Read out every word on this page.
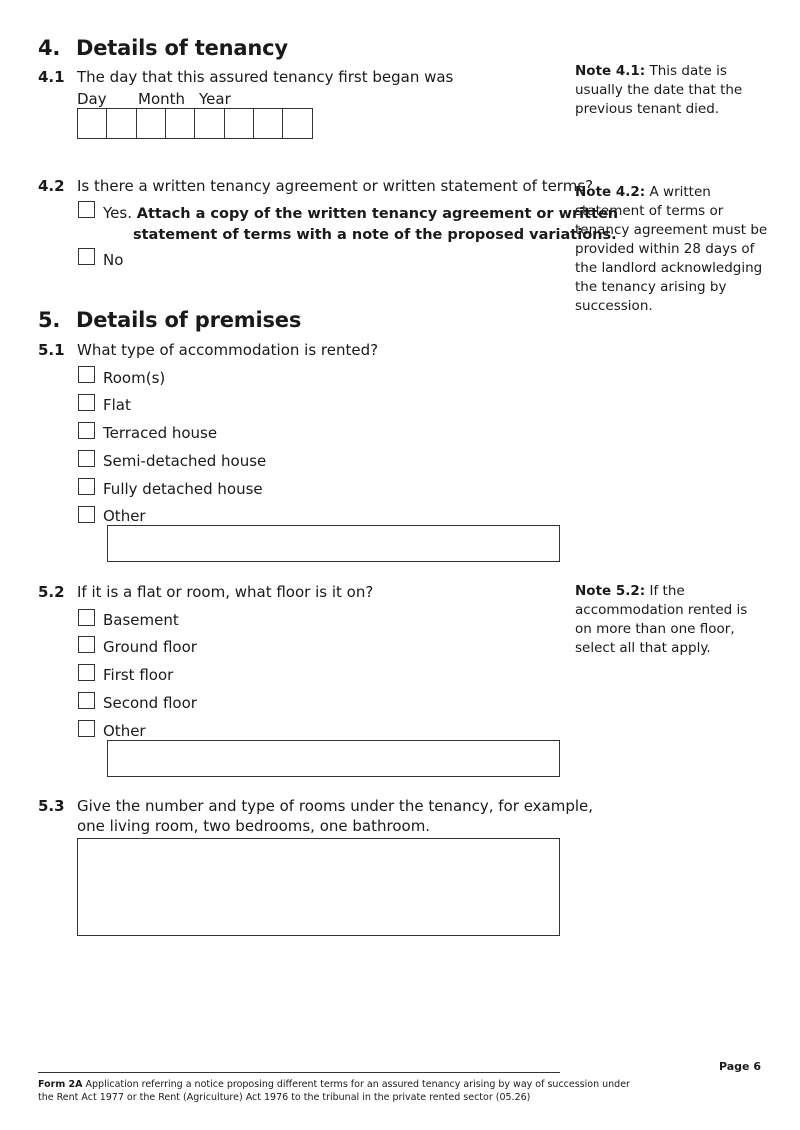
4. Details of tenancy
4.1 The day that this assured tenancy first began was
Day Month Year
Note 4.1: This date is
usually the date that the
previous tenant died.
4.2 Is there a written tenancy agreement or written statement of terms?
Yes. Attach a copy of the written tenancy agreement or written
statement of terms with a note of the proposed variations.
No
Note 4.2: A written
statement of terms or
tenancy agreement must be
provided within 28 days of
the landlord acknowledging
the tenancy arising by
succession.
5. Details of premises
5.1 What type of accommodation is rented?
Room(s)
Flat
Terraced house
Semi-detached house
Fully detached house
Other
5.2 If it is a flat or room, what floor is it on?
Basement
Ground floor
First floor
Second floor
Other
Note 5.2: If the
accommodation rented is
on more than one floor,
select all that apply.
5.3 Give the number and type of rooms under the tenancy, for example,
one living room, two bedrooms, one bathroom.
Page 6
Form 2A Application referring a notice proposing different terms for an assured tenancy arising by way of succession under
the Rent Act 1977 or the Rent (Agriculture) Act 1976 to the tribunal in the private rented sector (05.26)
